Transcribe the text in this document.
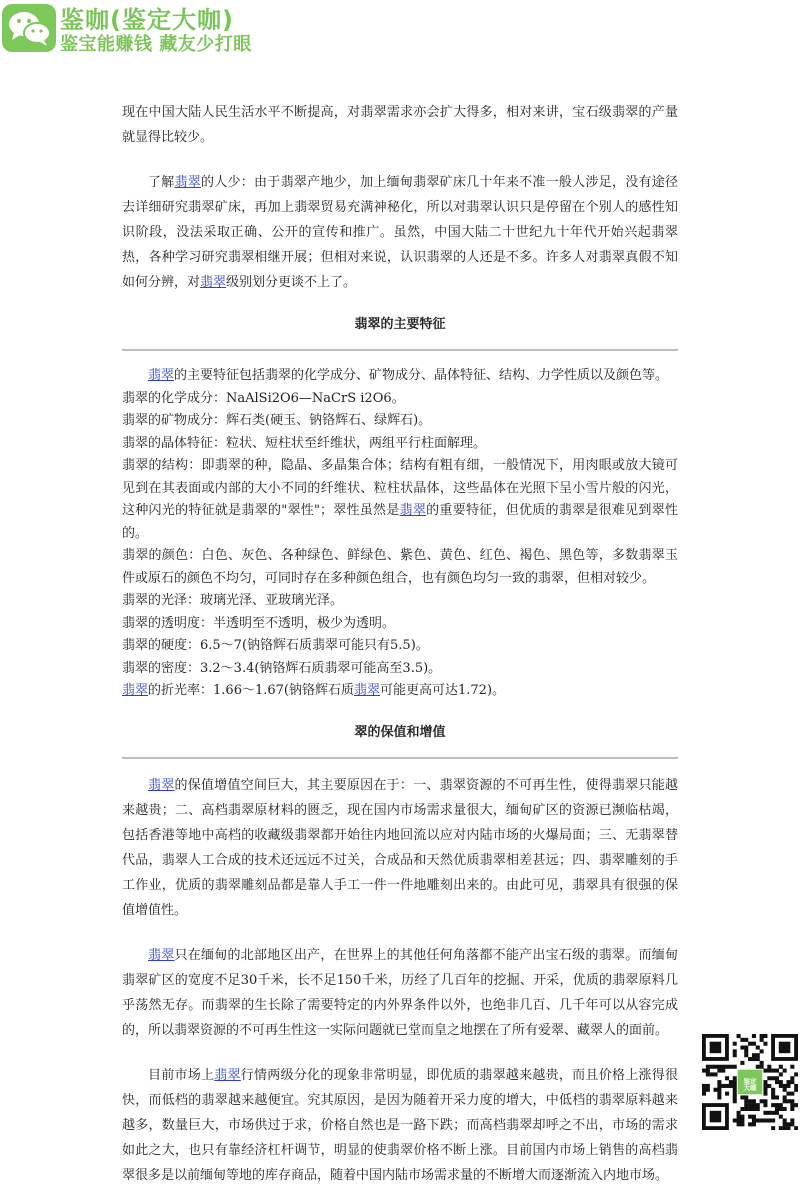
鉴咖(鉴定大咖)
鉴宝能赚钱 藏友少打眼

现在中国大陆人民生活水平不断提高，对翡翠需求亦会扩大得多，相对来讲，宝石级翡翠的产量就显得比较少。

了解翡翠的人少：由于翡翠产地少，加上缅甸翡翠矿床几十年来不准一般人涉足，没有途径去详细研究翡翠矿床，再加上翡翠贸易充满神秘化，所以对翡翠认识只是停留在个别人的感性知识阶段，没法采取正确、公开的宣传和推广。虽然，中国大陆二十世纪九十年代开始兴起翡翠热，各种学习研究翡翠相继开展；但相对来说，认识翡翠的人还是不多。许多人对翡翠真假不知如何分辨，对翡翠级别划分更谈不上了。

翡翠的主要特征

翡翠的主要特征包括翡翠的化学成分、矿物成分、晶体特征、结构、力学性质以及颜色等。

翡翠的化学成分：NaAlSi2O6—NaCrS i2O6。

翡翠的矿物成分：辉石类(硬玉、钠铬辉石、绿辉石)。

翡翠的晶体特征：粒状、短柱状至纤维状，两组平行柱面解理。

翡翠的结构：即翡翠的种，隐晶、多晶集合体；结构有粗有细，一般情况下，用肉眼或放大镜可见到在其表面或内部的大小不同的纤维状、粒柱状晶体，这些晶体在光照下呈小雪片般的闪光，这种闪光的特征就是翡翠的"翠性"；翠性虽然是翡翠的重要特征，但优质的翡翠是很难见到翠性的。

翡翠的颜色：白色、灰色、各种绿色、鲜绿色、紫色、黄色、红色、褐色、黑色等，多数翡翠玉件或原石的颜色不均匀，可同时存在多种颜色组合，也有颜色均匀一致的翡翠，但相对较少。

翡翠的光泽：玻璃光泽、亚玻璃光泽。

翡翠的透明度：半透明至不透明，极少为透明。

翡翠的硬度：6.5～7(钠铬辉石质翡翠可能只有5.5)。

翡翠的密度：3.2～3.4(钠铬辉石质翡翠可能高至3.5)。

翡翠的折光率：1.66～1.67(钠铬辉石质翡翠可能更高可达1.72)。

翠的保值和增值

翡翠的保值增值空间巨大，其主要原因在于：一、翡翠资源的不可再生性，使得翡翠只能越来越贵；二、高档翡翠原材料的匮乏，现在国内市场需求量很大，缅甸矿区的资源已濒临枯竭，包括香港等地中高档的收藏级翡翠都开始往内地回流以应对内陆市场的火爆局面；三、无翡翠替代品，翡翠人工合成的技术还远远不过关，合成品和天然优质翡翠相差甚远；四、翡翠雕刻的手工作业，优质的翡翠雕刻品都是靠人手工一件一件地雕刻出来的。由此可见，翡翠具有很强的保值增值性。

翡翠只在缅甸的北部地区出产，在世界上的其他任何角落都不能产出宝石级的翡翠。而缅甸翡翠矿区的宽度不足30千米，长不足150千米，历经了几百年的挖掘、开采，优质的翡翠原料几乎荡然无存。而翡翠的生长除了需要特定的内外界条件以外，也绝非几百、几千年可以从容完成的，所以翡翠资源的不可再生性这一实际问题就已堂而皇之地摆在了所有爱翠、藏翠人的面前。

目前市场上翡翠行情两级分化的现象非常明显，即优质的翡翠越来越贵，而且价格上涨得很快，而低档的翡翠越来越便宜。究其原因，是因为随着开采力度的增大，中低档的翡翠原料越来越多，数量巨大，市场供过于求，价格自然也是一路下跌；而高档翡翠却呼之不出，市场的需求如此之大，也只有靠经济杠杆调节，明显的使翡翠价格不断上涨。目前国内市场上销售的高档翡翠很多是以前缅甸等地的库存商品，随着中国内陆市场需求量的不断增大而逐渐流入内地市场。

鉴定
大咖
